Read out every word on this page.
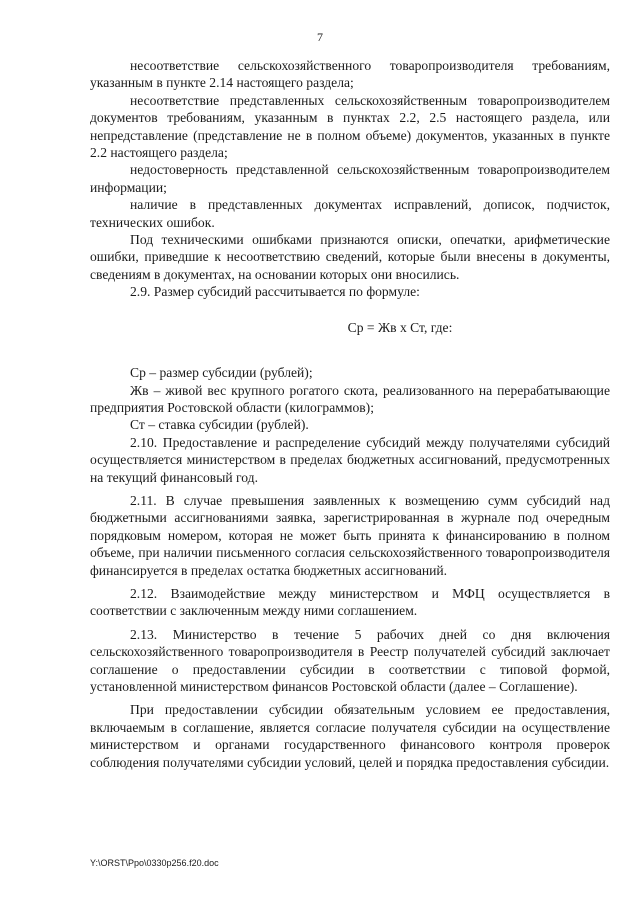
7

несоответствие сельскохозяйственного товаропроизводителя требованиям, указанным в пункте 2.14 настоящего раздела;

несоответствие представленных сельскохозяйственным товаропроизводителем документов требованиям, указанным в пунктах 2.2, 2.5 настоящего раздела, или непредставление (представление не в полном объеме) документов, указанных в пункте 2.2 настоящего раздела;

недостоверность представленной сельскохозяйственным товаропроизводителем информации;

наличие в представленных документах исправлений, дописок, подчисток, технических ошибок.

Под техническими ошибками признаются описки, опечатки, арифметические ошибки, приведшие к несоответствию сведений, которые были внесены в документы, сведениям в документах, на основании которых они вносились.

2.9. Размер субсидий рассчитывается по формуле:

Ср = Жв х Ст, где:

Ср – размер субсидии (рублей);

Жв – живой вес крупного рогатого скота, реализованного на перерабатывающие предприятия Ростовской области (килограммов);

Ст – ставка субсидии (рублей).

2.10. Предоставление и распределение субсидий между получателями субсидий осуществляется министерством в пределах бюджетных ассигнований, предусмотренных на текущий финансовый год.

2.11. В случае превышения заявленных к возмещению сумм субсидий над бюджетными ассигнованиями заявка, зарегистрированная в журнале под очередным порядковым номером, которая не может быть принята к финансированию в полном объеме, при наличии письменного согласия сельскохозяйственного товаропроизводителя финансируется в пределах остатка бюджетных ассигнований.

2.12. Взаимодействие между министерством и МФЦ осуществляется в соответствии с заключенным между ними соглашением.

2.13. Министерство в течение 5 рабочих дней со дня включения сельскохозяйственного товаропроизводителя в Реестр получателей субсидий заключает соглашение о предоставлении субсидии в соответствии с типовой формой, установленной министерством финансов Ростовской области (далее – Соглашение).

При предоставлении субсидии обязательным условием ее предоставления, включаемым в соглашение, является согласие получателя субсидии на осуществление министерством и органами государственного финансового контроля проверок соблюдения получателями субсидии условий, целей и порядка предоставления субсидии.

Y:\ORST\Ppo\0330p256.f20.doc
